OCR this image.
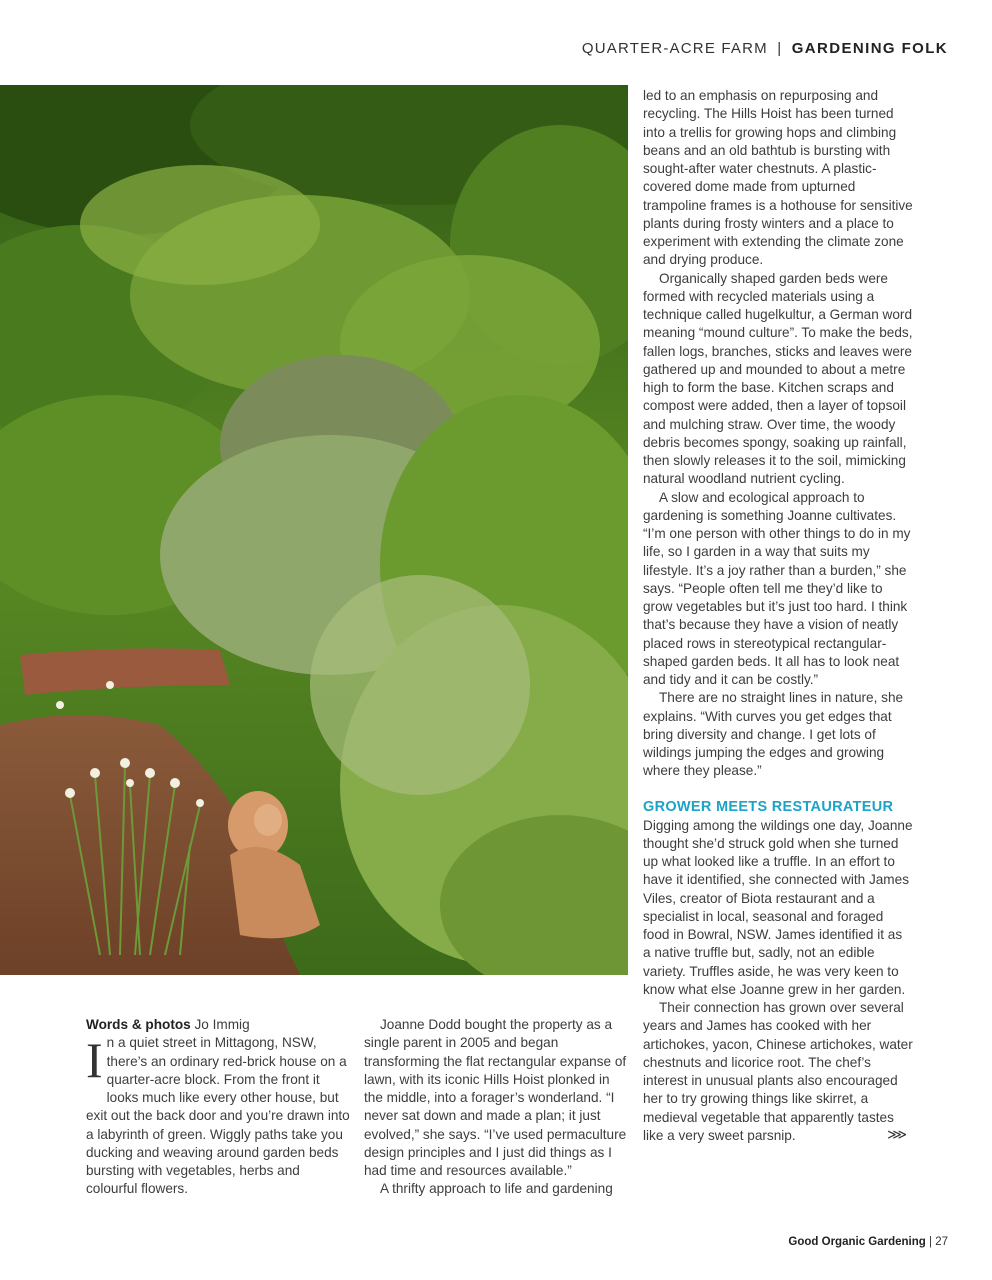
QUARTER-ACRE FARM | GARDENING FOLK

Words & photos Jo Immig

In a quiet street in Mittagong, NSW, there’s an ordinary red-brick house on a quarter-acre block. From the front it looks much like every other house, but exit out the back door and you’re drawn into a labyrinth of green. Wiggly paths take you ducking and weaving around garden beds bursting with vegetables, herbs and colourful flowers.

Joanne Dodd bought the property as a single parent in 2005 and began transforming the flat rectangular expanse of lawn, with its iconic Hills Hoist plonked in the middle, into a forager’s wonderland. “I never sat down and made a plan; it just evolved,” she says. “I’ve used permaculture design principles and I just did things as I had time and resources available.”

A thrifty approach to life and gardening

led to an emphasis on repurposing and recycling. The Hills Hoist has been turned into a trellis for growing hops and climbing beans and an old bathtub is bursting with sought-after water chestnuts. A plastic-covered dome made from upturned trampoline frames is a hothouse for sensitive plants during frosty winters and a place to experiment with extending the climate zone and drying produce.

Organically shaped garden beds were formed with recycled materials using a technique called hugelkultur, a German word meaning “mound culture”. To make the beds, fallen logs, branches, sticks and leaves were gathered up and mounded to about a metre high to form the base. Kitchen scraps and compost were added, then a layer of topsoil and mulching straw. Over time, the woody debris becomes spongy, soaking up rainfall, then slowly releases it to the soil, mimicking natural woodland nutrient cycling.

A slow and ecological approach to gardening is something Joanne cultivates. “I’m one person with other things to do in my life, so I garden in a way that suits my lifestyle. It’s a joy rather than a burden,” she says. “People often tell me they’d like to grow vegetables but it’s just too hard. I think that’s because they have a vision of neatly placed rows in stereotypical rectangular-shaped garden beds. It all has to look neat and tidy and it can be costly.”

There are no straight lines in nature, she explains. “With curves you get edges that bring diversity and change. I get lots of wildings jumping the edges and growing where they please.”

GROWER MEETS RESTAURATEUR

Digging among the wildings one day, Joanne thought she’d struck gold when she turned up what looked like a truffle. In an effort to have it identified, she connected with James Viles, creator of Biota restaurant and a specialist in local, seasonal and foraged food in Bowral, NSW. James identified it as a native truffle but, sadly, not an edible variety. Truffles aside, he was very keen to know what else Joanne grew in her garden.

Their connection has grown over several years and James has cooked with her artichokes, yacon, Chinese artichokes, water chestnuts and licorice root. The chef’s interest in unusual plants also encouraged her to try growing things like skirret, a medieval vegetable that apparently tastes like a very sweet parsnip.	⋙

Good Organic Gardening | 27
